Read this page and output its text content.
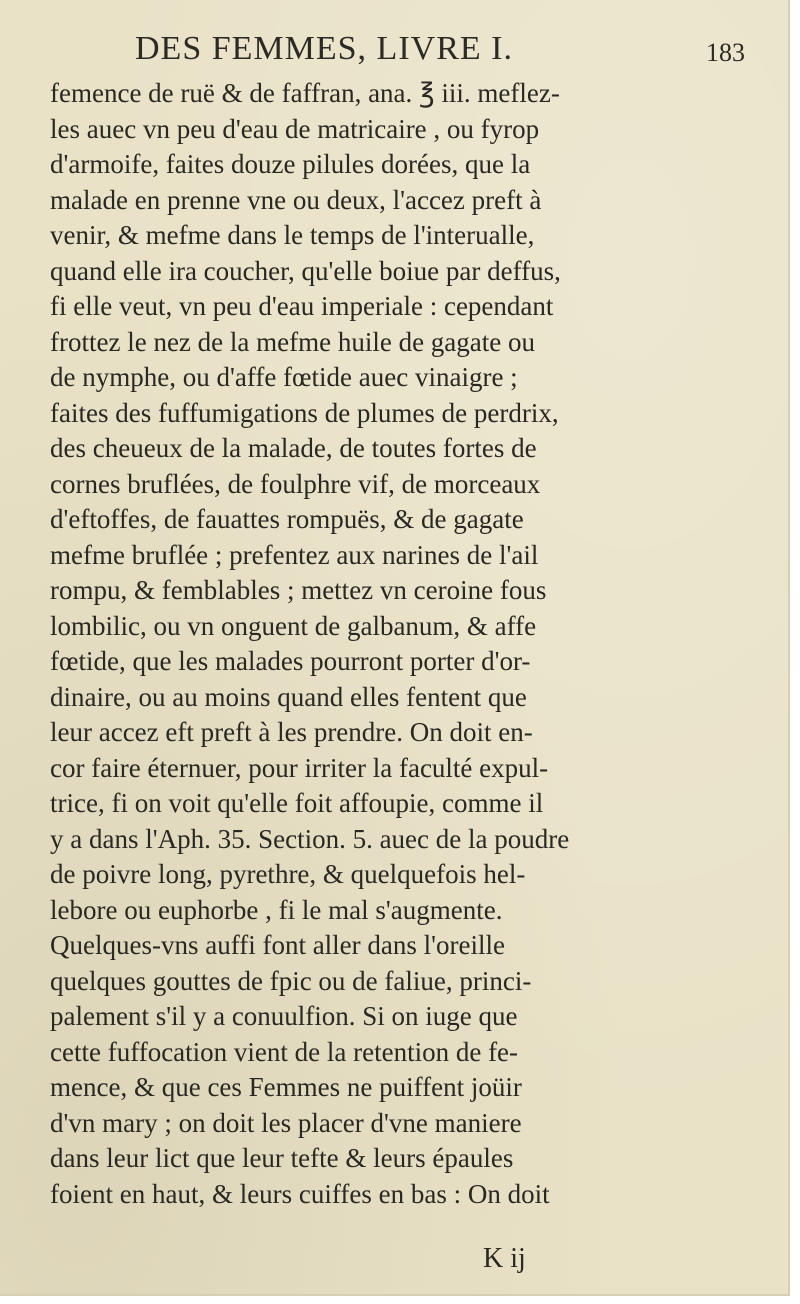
DES FEMMES, LIVRE I.	183
femence de ruë & de faffran, ana. ℥ iii. meflez-
les auec vn peu d'eau de matricaire , ou fyrop
d'armoife, faites douze pilules dorées, que la
malade en prenne vne ou deux, l'accez preft à
venir, & mefme dans le temps de l'interualle,
quand elle ira coucher, qu'elle boiue par deffus,
fi elle veut, vn peu d'eau imperiale : cependant
frottez le nez de la mefme huile de gagate ou
de nymphe, ou d'affe fœtide auec vinaigre ;
faites des fuffumigations de plumes de perdrix,
des cheueux de la malade, de toutes fortes de
cornes bruflées, de foulphre vif, de morceaux
d'eftoffes, de fauattes rompuës, & de gagate
mefme bruflée ; prefentez aux narines de l'ail
rompu, & femblables ; mettez vn ceroine fous
lombilic, ou vn onguent de galbanum, & affe
fœtide, que les malades pourront porter d'or-
dinaire, ou au moins quand elles fentent que
leur accez eft preft à les prendre. On doit en-
cor faire éternuer, pour irriter la faculté expul-
trice, fi on voit qu'elle foit affoupie, comme il
y a dans l'Aph. 35. Section. 5. auec de la poudre
de poivre long, pyrethre, & quelquefois hel-
lebore ou euphorbe , fi le mal s'augmente.
Quelques-vns auffi font aller dans l'oreille
quelques gouttes de fpic ou de faliue, princi-
palement s'il y a conuulfion. Si on iuge que
cette fuffocation vient de la retention de fe-
mence, & que ces Femmes ne puiffent joüir
d'vn mary ; on doit les placer d'vne maniere
dans leur lict que leur tefte & leurs épaules
foient en haut, & leurs cuiffes en bas : On doit
K ij
